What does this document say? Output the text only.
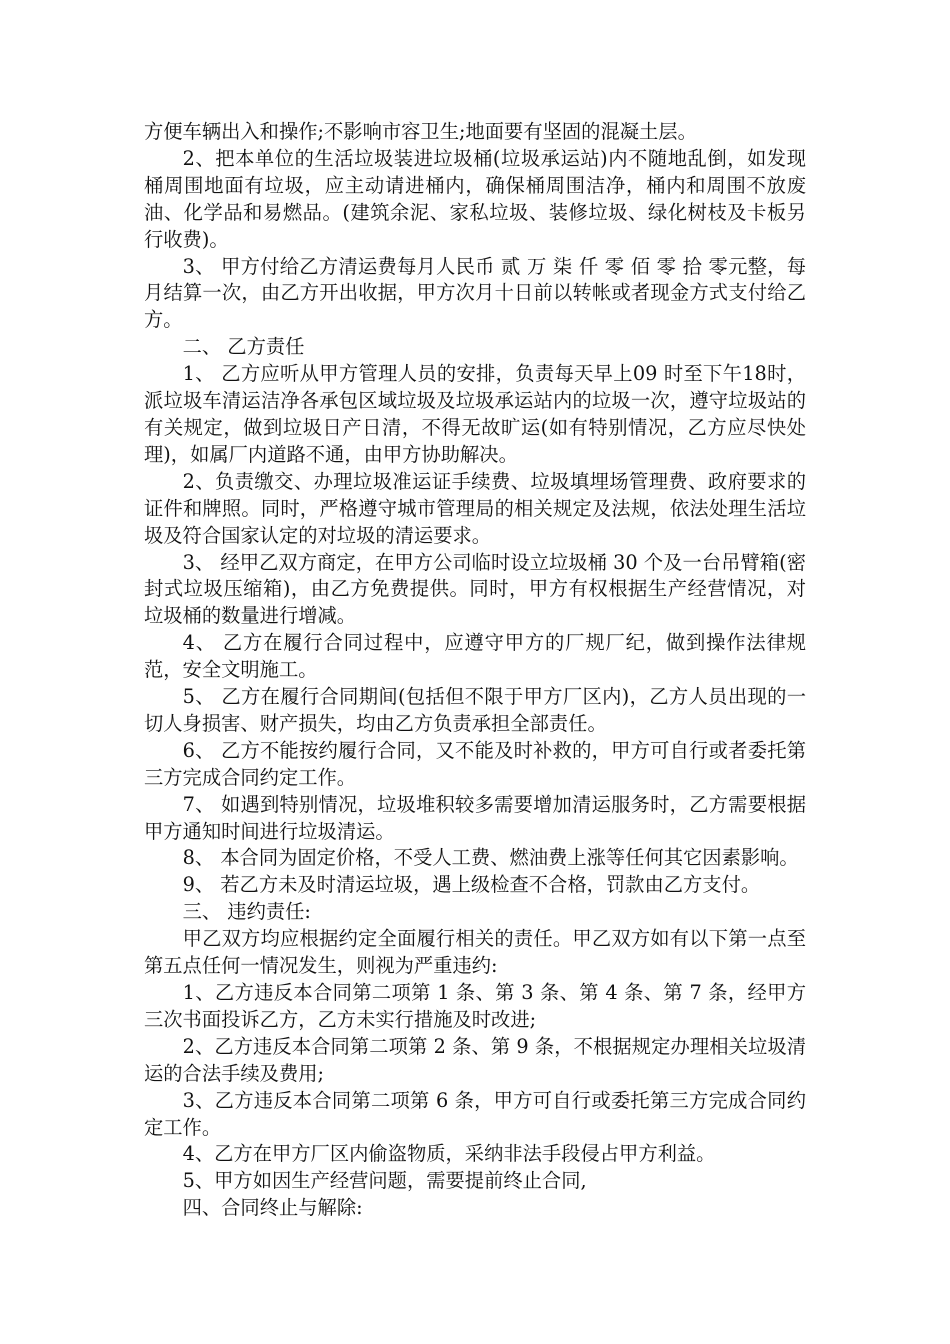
方便车辆出入和操作;不影响市容卫生;地面要有坚固的混凝土层。

2、把本单位的生活垃圾装进垃圾桶(垃圾承运站)内不随地乱倒，如发现桶周围地面有垃圾，应主动请进桶内，确保桶周围洁净，桶内和周围不放废油、化学品和易燃品。(建筑余泥、家私垃圾、装修垃圾、绿化树枝及卡板另行收费)。

3、 甲方付给乙方清运费每月人民币 贰 万 柒 仟 零 佰 零 拾 零元整，每月结算一次，由乙方开出收据，甲方次月十日前以转帐或者现金方式支付给乙方。

二、 乙方责任

1、 乙方应听从甲方管理人员的安排，负责每天早上09 时至下午18时，派垃圾车清运洁净各承包区域垃圾及垃圾承运站内的垃圾一次，遵守垃圾站的有关规定，做到垃圾日产日清，不得无故旷运(如有特别情况，乙方应尽快处理)，如属厂内道路不通，由甲方协助解决。

2、负责缴交、办理垃圾准运证手续费、垃圾填埋场管理费、政府要求的证件和牌照。同时，严格遵守城市管理局的相关规定及法规，依法处理生活垃圾及符合国家认定的对垃圾的清运要求。

3、 经甲乙双方商定，在甲方公司临时设立垃圾桶 30 个及一台吊臂箱(密封式垃圾压缩箱)，由乙方免费提供。同时，甲方有权根据生产经营情况，对垃圾桶的数量进行增减。

4、 乙方在履行合同过程中，应遵守甲方的厂规厂纪，做到操作法律规范，安全文明施工。

5、 乙方在履行合同期间(包括但不限于甲方厂区内)，乙方人员出现的一切人身损害、财产损失，均由乙方负责承担全部责任。

6、 乙方不能按约履行合同，又不能及时补救的，甲方可自行或者委托第三方完成合同约定工作。

7、 如遇到特别情况，垃圾堆积较多需要增加清运服务时，乙方需要根据甲方通知时间进行垃圾清运。

8、 本合同为固定价格，不受人工费、燃油费上涨等任何其它因素影响。

9、 若乙方未及时清运垃圾，遇上级检查不合格，罚款由乙方支付。

三、 违约责任:

甲乙双方均应根据约定全面履行相关的责任。甲乙双方如有以下第一点至第五点任何一情况发生，则视为严重违约:

1、乙方违反本合同第二项第 1 条、第 3 条、第 4 条、第 7 条，经甲方三次书面投诉乙方，乙方未实行措施及时改进;

2、乙方违反本合同第二项第 2 条、第 9 条，不根据规定办理相关垃圾清运的合法手续及费用;

3、乙方违反本合同第二项第 6 条，甲方可自行或委托第三方完成合同约定工作。

4、乙方在甲方厂区内偷盗物质，采纳非法手段侵占甲方利益。

5、甲方如因生产经营问题，需要提前终止合同,

四、合同终止与解除:
